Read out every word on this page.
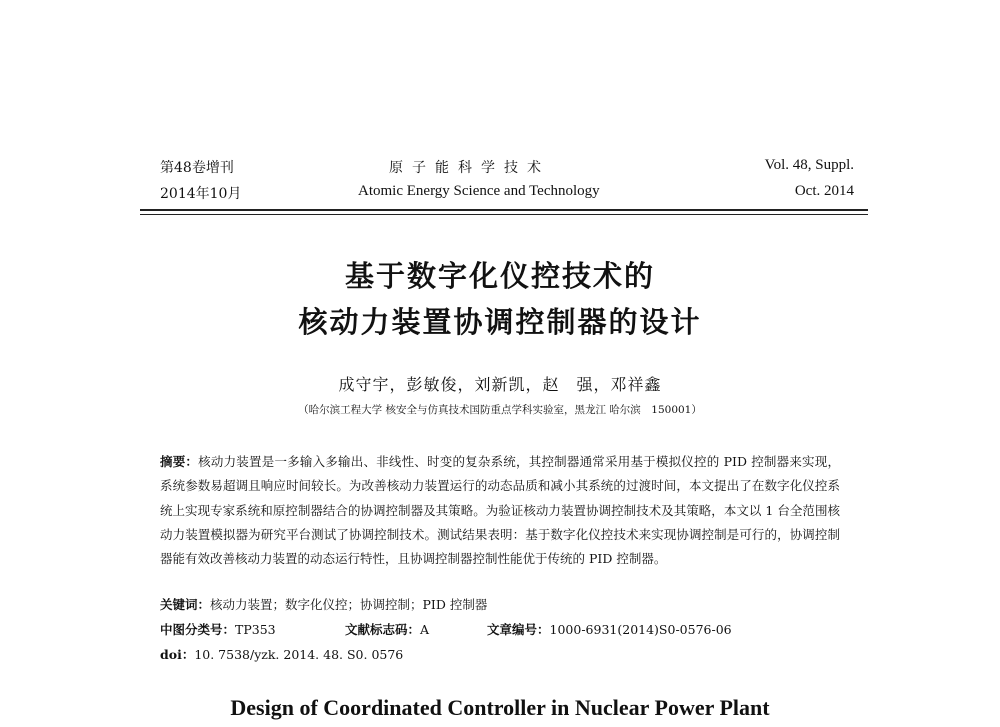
第48卷增刊
2014年10月
原子能科学技术
Atomic Energy Science and Technology
Vol. 48, Suppl.
Oct. 2014
基于数字化仪控技术的
核动力装置协调控制器的设计
成守宇，彭敏俊，刘新凯，赵　强，邓祥鑫
（哈尔滨工程大学 核安全与仿真技术国防重点学科实验室，黑龙江 哈尔滨　150001）
摘要：核动力装置是一多输入多输出、非线性、时变的复杂系统，其控制器通常采用基于模拟仪控的 PID 控制器来实现，系统参数易超调且响应时间较长。为改善核动力装置运行的动态品质和减小其系统的过渡时间，本文提出了在数字化仪控系统上实现专家系统和原控制器结合的协调控制器及其策略。为验证核动力装置协调控制技术及其策略，本文以 1 台全范围核动力装置模拟器为研究平台测试了协调控制技术。测试结果表明：基于数字化仪控技术来实现协调控制是可行的，协调控制器能有效改善核动力装置的动态运行特性，且协调控制器控制性能优于传统的 PID 控制器。
关键词：核动力装置；数字化仪控；协调控制；PID 控制器
中图分类号：TP353	文献标志码：A	文章编号：1000-6931(2014)S0-0576-06
doi：10. 7538/yzk. 2014. 48. S0. 0576
Design of Coordinated Controller in Nuclear Power Plant
